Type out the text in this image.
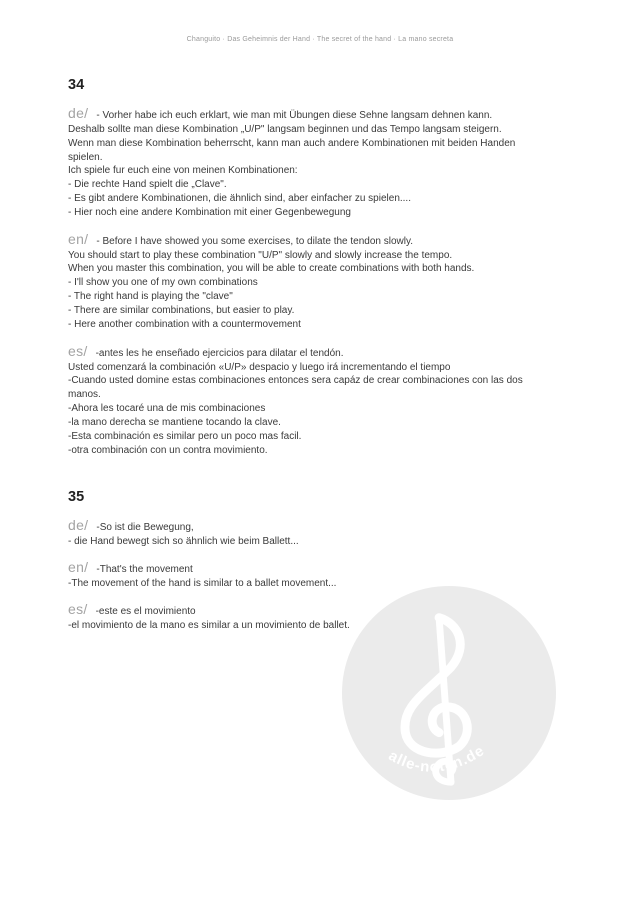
Changuito · Das Geheimnis der Hand · The secret of the hand · La mano secreta
alle-noten.de
34
de/ - Vorher habe ich euch erklart, wie man mit Übungen diese Sehne langsam dehnen kann.
Deshalb sollte man diese Kombination „U/P" langsam beginnen und das Tempo langsam steigern.
Wenn man diese Kombination beherrscht, kann man auch andere Kombinationen mit beiden Handen
spielen.
Ich spiele fur euch eine von meinen Kombinationen:
- Die rechte Hand spielt die „Clave".
- Es gibt andere Kombinationen, die ähnlich sind, aber einfacher zu spielen....
- Hier noch eine andere Kombination mit einer Gegenbewegung
en/ - Before I have showed you some exercises, to dilate the tendon slowly.
You should start to play these combination "U/P" slowly and slowly increase the tempo.
When you master this combination, you will be able to create combinations with both hands.
- I'll show you one of my own combinations
- The right hand is playing the "clave"
- There are similar combinations, but easier to play.
- Here another combination with a countermovement
es/ -antes les he enseñado ejercicios para dilatar el tendón.
Usted comenzará la combinación «U/P» despacio y luego irá incrementando el tiempo
-Cuando usted domine estas combinaciones entonces sera capáz de crear combinaciones con las dos
manos.
-Ahora les tocaré una de mis combinaciones
-la mano derecha se mantiene tocando la clave.
-Esta combinación es similar pero un poco mas facil.
-otra combinación con un contra movimiento.
35
de/ -So ist die Bewegung,
- die Hand bewegt sich so ähnlich wie beim Ballett...
en/ -That's the movement
-The movement of the hand is similar to a ballet movement...
es/ -este es el movimiento
-el movimiento de la mano es similar a un movimiento de ballet.
